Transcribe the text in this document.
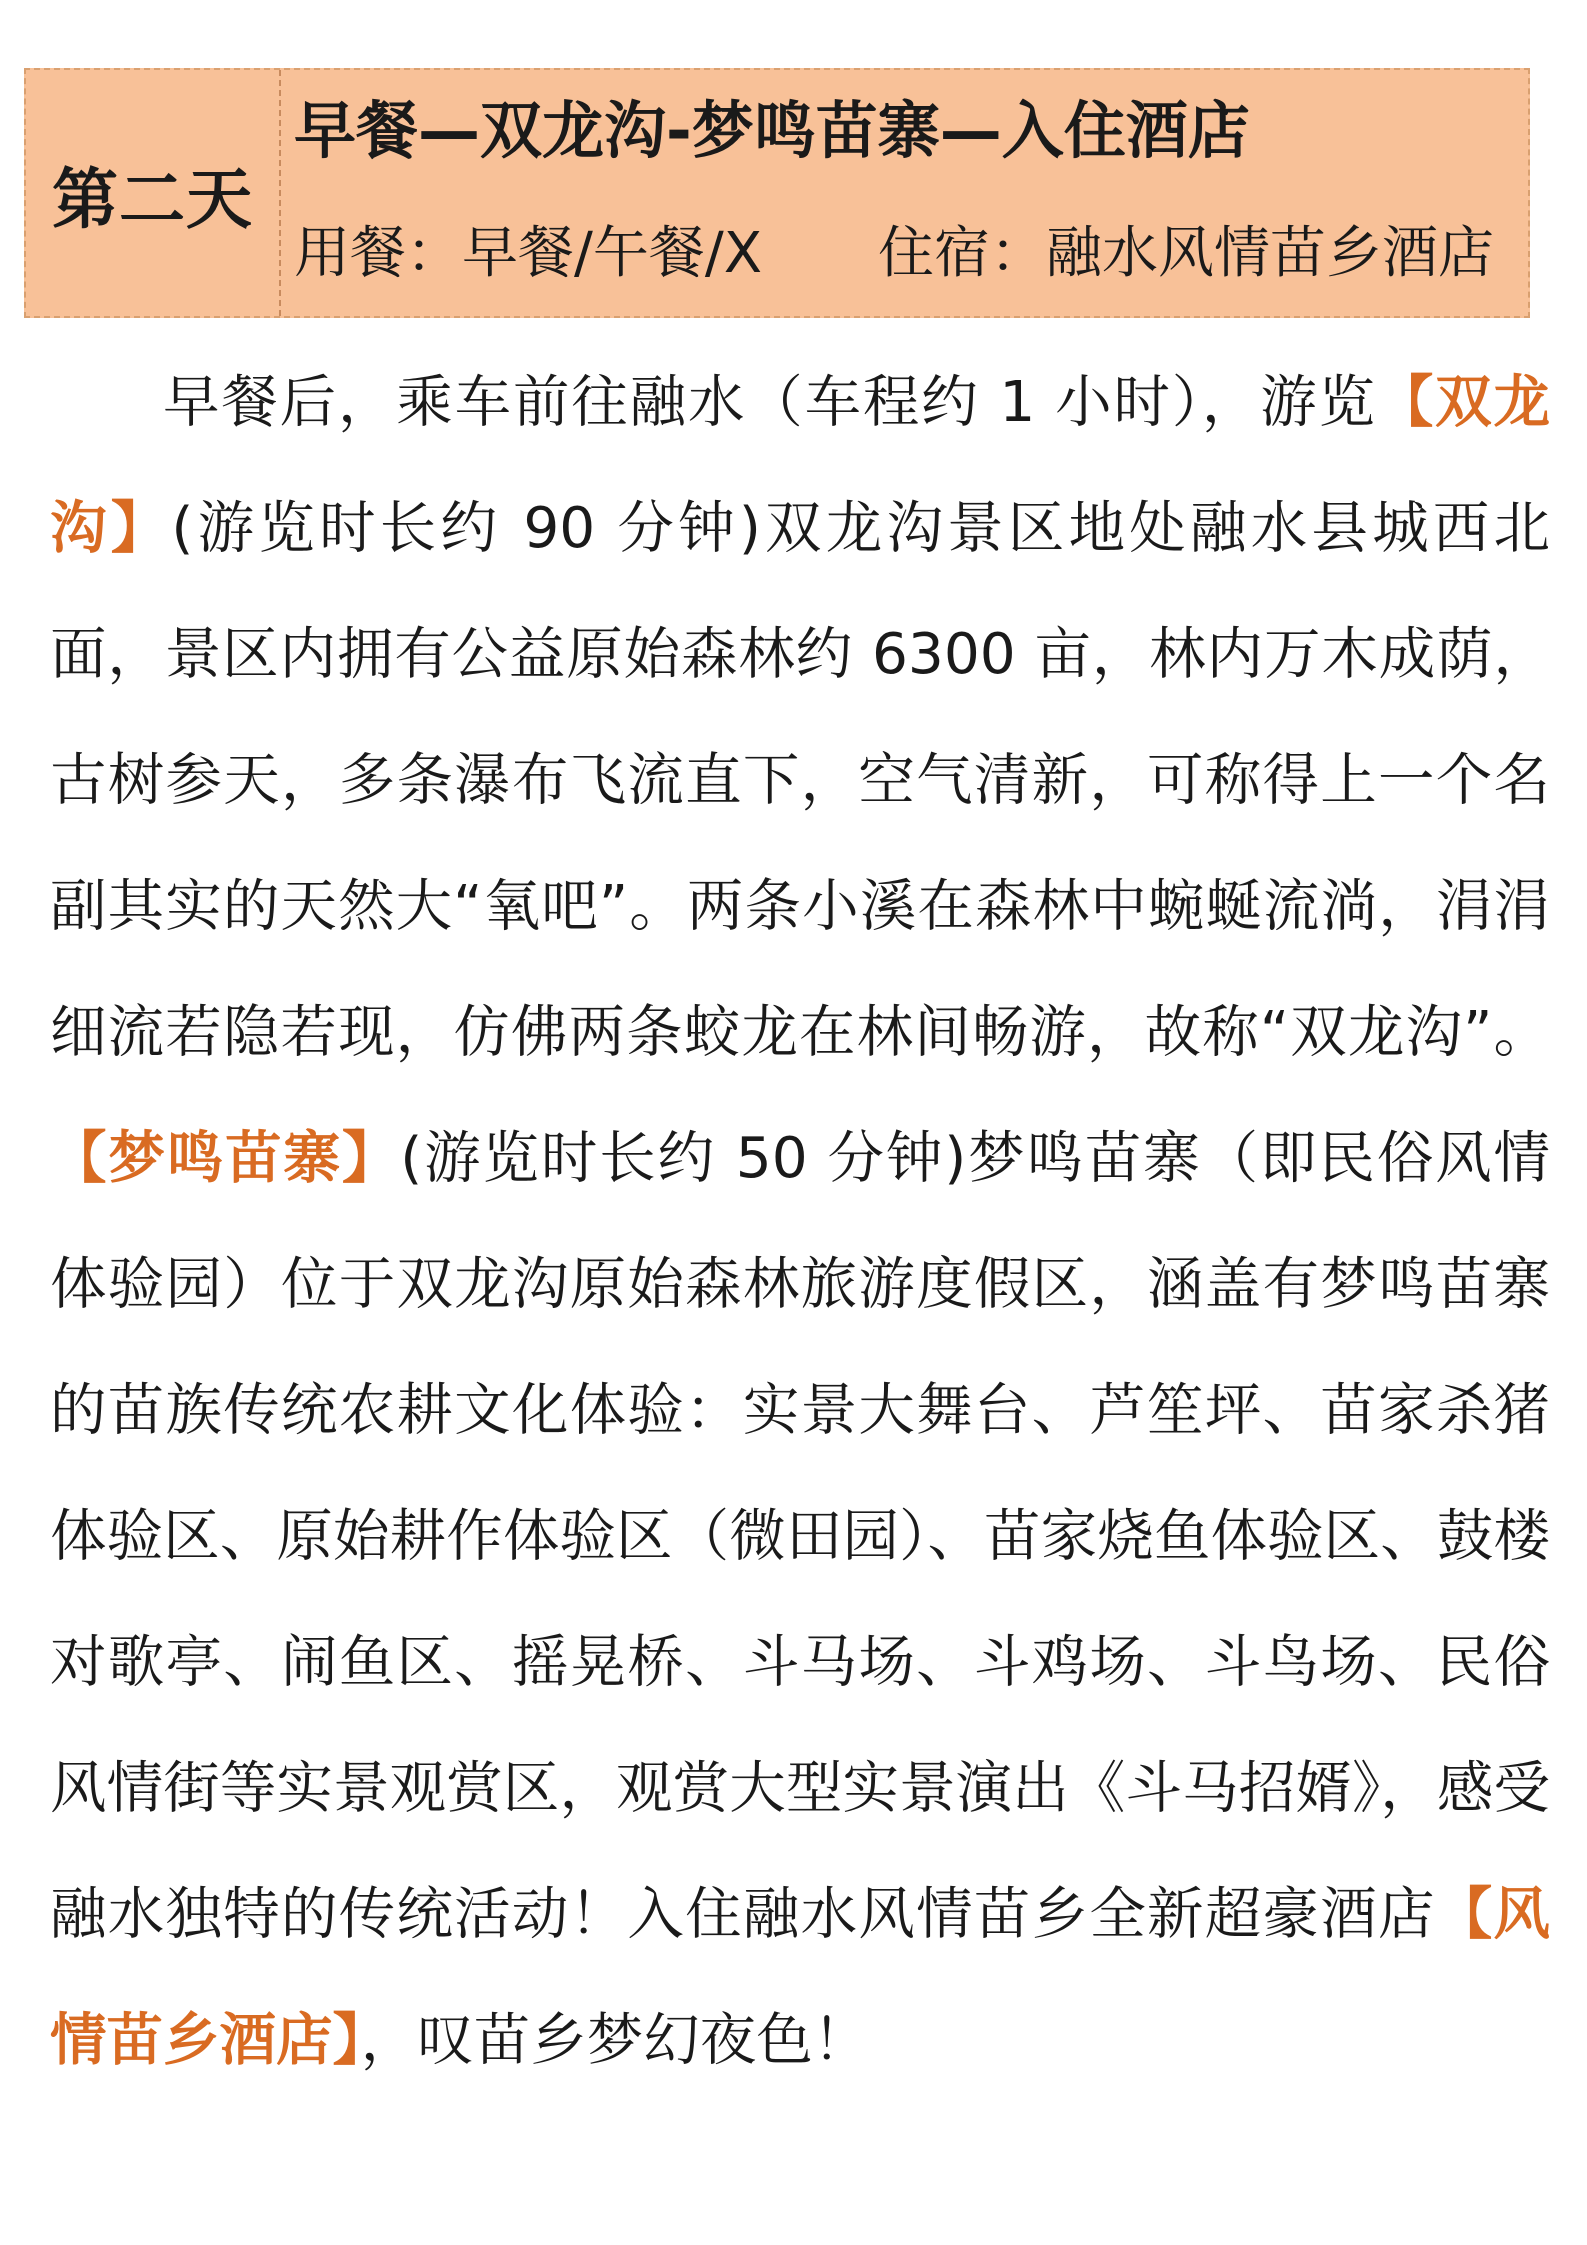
第二天
早餐—双龙沟-梦鸣苗寨—入住酒店
用餐：早餐/午餐/X 住宿：融水风情苗乡酒店

早餐后，乘车前往融水（车程约 1 小时），游览【双龙沟】(游览时长约 90 分钟)双龙沟景区地处融水县城西北面，景区内拥有公益原始森林约 6300 亩，林内万木成荫，古树参天，多条瀑布飞流直下，空气清新，可称得上一个名副其实的天然大“氧吧”。两条小溪在森林中蜿蜒流淌，涓涓细流若隐若现，仿佛两条蛟龙在林间畅游，故称“双龙沟”。【梦鸣苗寨】(游览时长约 50 分钟)梦鸣苗寨（即民俗风情体验园）位于双龙沟原始森林旅游度假区，涵盖有梦鸣苗寨的苗族传统农耕文化体验：实景大舞台、芦笙坪、苗家杀猪体验区、原始耕作体验区（微田园）、苗家烧鱼体验区、鼓楼对歌亭、闹鱼区、摇晃桥、斗马场、斗鸡场、斗鸟场、民俗风情街等实景观赏区，观赏大型实景演出《斗马招婿》，感受融水独特的传统活动！入住融水风情苗乡全新超豪酒店【风情苗乡酒店】，叹苗乡梦幻夜色！
